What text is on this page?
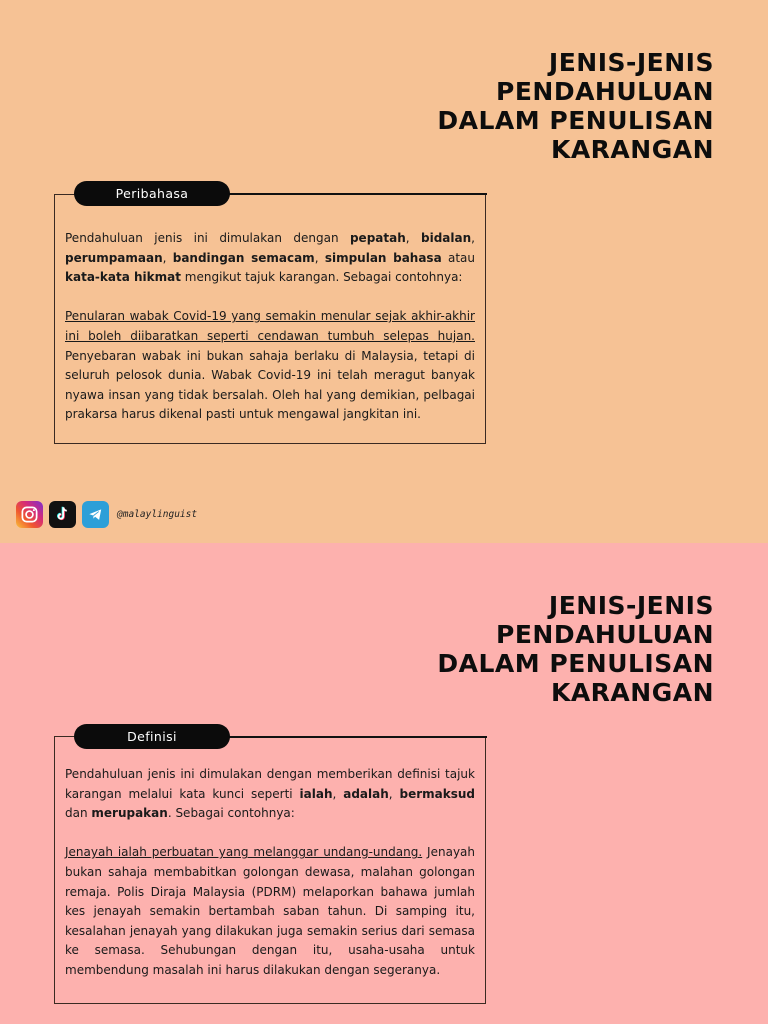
JENIS-JENIS
PENDAHULUAN
DALAM PENULISAN
KARANGAN

Pendahuluan jenis ini dimulakan dengan pepatah, bidalan, perumpamaan, bandingan semacam, simpulan bahasa atau kata-kata hikmat mengikut tajuk karangan. Sebagai contohnya:

Penularan wabak Covid-19 yang semakin menular sejak akhir-akhir ini boleh diibaratkan seperti cendawan tumbuh selepas hujan. Penyebaran wabak ini bukan sahaja berlaku di Malaysia, tetapi di seluruh pelosok dunia. Wabak Covid-19 ini telah meragut banyak nyawa insan yang tidak bersalah. Oleh hal yang demikian, pelbagai prakarsa harus dikenal pasti untuk mengawal jangkitan ini.

Peribahasa
@malaylinguist
JENIS-JENIS
PENDAHULUAN
DALAM PENULISAN
KARANGAN

Pendahuluan jenis ini dimulakan dengan memberikan definisi tajuk karangan melalui kata kunci seperti ialah, adalah, bermaksud dan merupakan. Sebagai contohnya:

Jenayah ialah perbuatan yang melanggar undang-undang. Jenayah bukan sahaja membabitkan golongan dewasa, malahan golongan remaja. Polis Diraja Malaysia (PDRM) melaporkan bahawa jumlah kes jenayah semakin bertambah saban tahun. Di samping itu, kesalahan jenayah yang dilakukan juga semakin serius dari semasa ke semasa. Sehubungan dengan itu, usaha-usaha untuk membendung masalah ini harus dilakukan dengan segeranya.

Definisi
